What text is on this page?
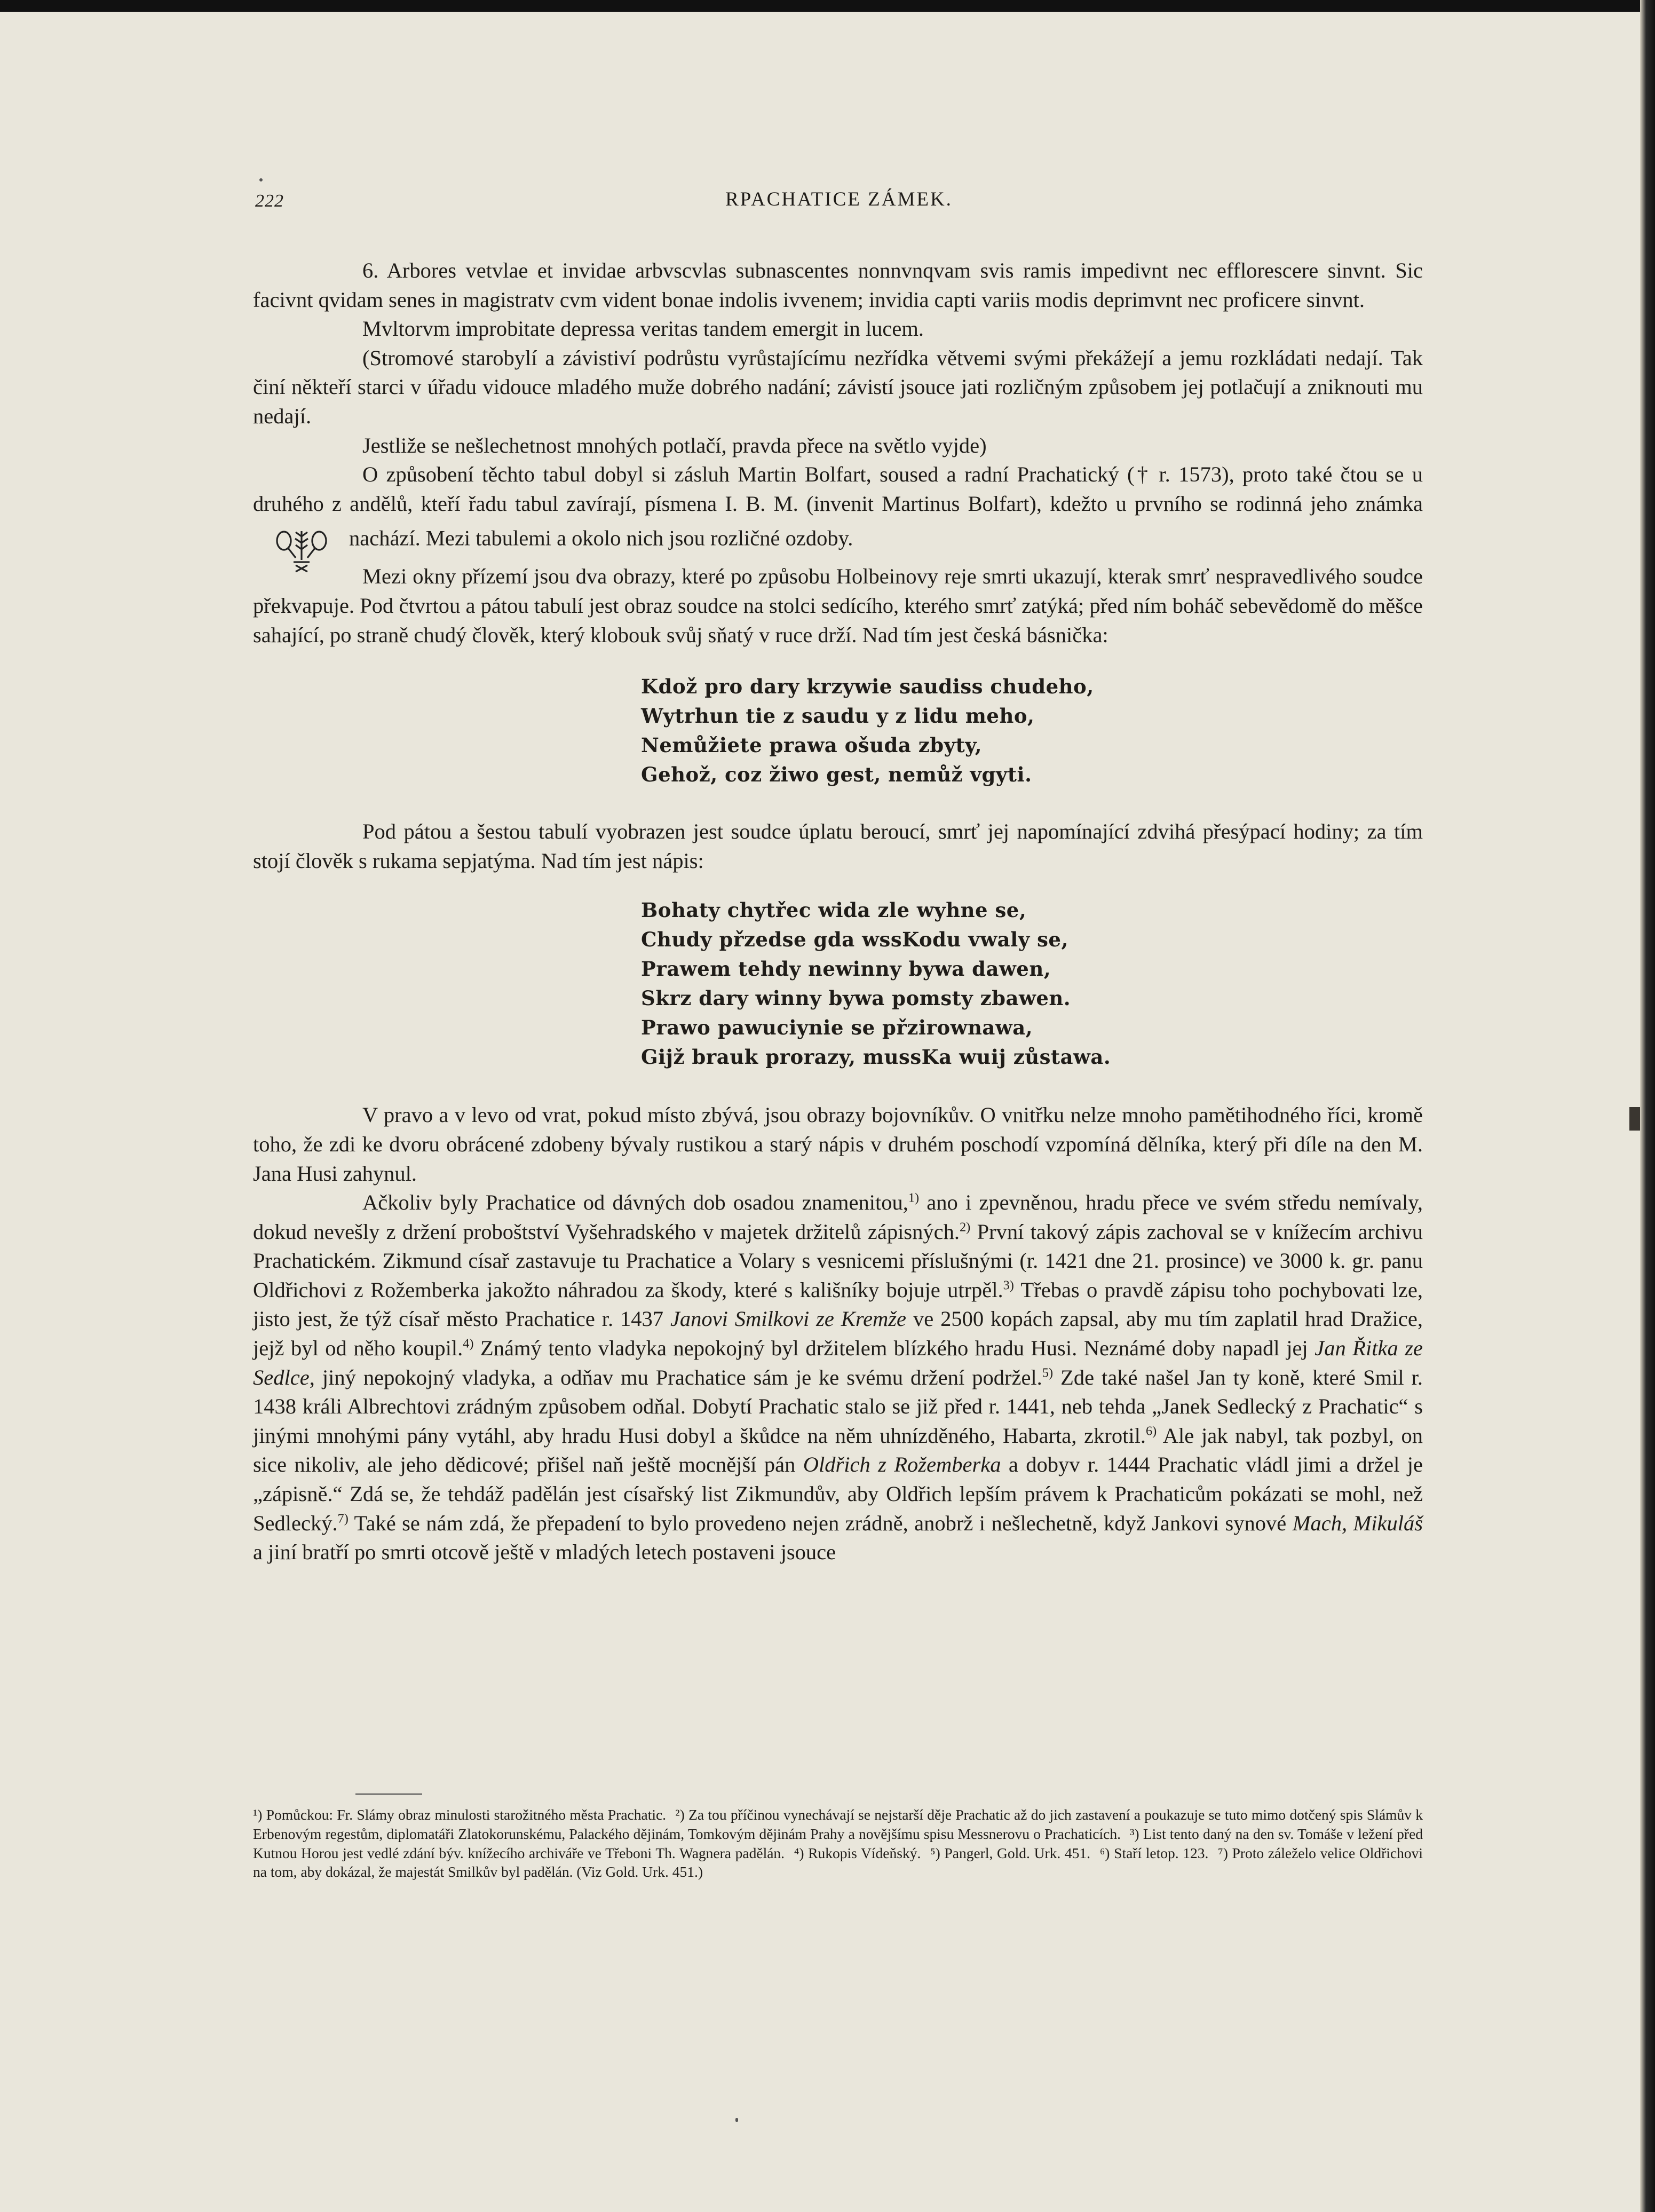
222	RPACHATICE ZÁMEK.

6. Arbores vetvlae et invidae arbvscvlas subnascentes nonnvnqvam svis ramis impedivnt nec efflorescere sinvnt. Sic facivnt qvidam senes in magistratv cvm vident bonae indolis ivvenem; invidia capti variis modis deprimvnt nec proficere sinvnt.

Mvltorvm improbitate depressa veritas tandem emergit in lucem.

(Stromové starobylí a závistiví podrůstu vyrůstajícímu nezřídka větvemi svými překážejí a jemu rozkládati nedají. Tak činí někteří starci v úřadu vidouce mladého muže dobrého nadání; závistí jsouce jati rozličným způsobem jej potlačují a zniknouti mu nedají.

Jestliže se nešlechetnost mnohých potlačí, pravda přece na světlo vyjde)

O způsobení těchto tabul dobyl si zásluh Martin Bolfart, soused a radní Prachatický († r. 1573), proto také čtou se u druhého z andělů, kteří řadu tabul zavírají, písmena I. B. M. (invenit Martinus Bolfart), kdežto u prvního se rodinná jeho známkanachází. Mezi tabulemi a okolo nich jsou rozličné ozdoby.

Mezi okny přízemí jsou dva obrazy, které po způsobu Holbeinovy reje smrti ukazují, kterak smrť nespravedlivého soudce překvapuje. Pod čtvrtou a pátou tabulí jest obraz soudce na stolci sedícího, kterého smrť zatýká; před ním boháč sebevědomě do měšce sahající, po straně chudý člověk, který klobouk svůj sňatý v ruce drží. Nad tím jest česká básnička:

Kdož pro dary krzywie saudiss chudeho,
Wytrhun tie z saudu y z lidu meho,
Nemůžiete prawa ošuda zbyty,
Gehož, coz žiwo gest, nemůž vgyti.

Pod pátou a šestou tabulí vyobrazen jest soudce úplatu beroucí, smrť jej napomínající zdvihá přesýpací hodiny; za tím stojí člověk s rukama sepjatýma. Nad tím jest nápis:

Bohaty chytřec wida zle wyhne se,
Chudy přzedse gda wssKodu vwaly se,
Prawem tehdy newinny bywa dawen,
Skrz dary winny bywa pomsty zbawen.
Prawo pawuciynie se přzirownawa,
Gijž brauk prorazy, mussKa wuij zůstawa.

V pravo a v levo od vrat, pokud místo zbývá, jsou obrazy bojovníkův. O vnitřku nelze mnoho pamětihodného říci, kromě toho, že zdi ke dvoru obrácené zdobeny bývaly rustikou a starý nápis v druhém poschodí vzpomíná dělníka, který při díle na den M. Jana Husi zahynul.

Ačkoliv byly Prachatice od dávných dob osadou znamenitou,$^{1)}$ ano i zpevněnou, hradu přece ve svém středu nemívaly, dokud nevešly z držení proboštství Vyšehradského v majetek držitelů zápisných.$^{2)}$ První takový zápis zachoval se v knížecím archivu Prachatickém. Zikmund císař zastavuje tu Prachatice a Volary s vesnicemi příslušnými (r. 1421 dne 21. prosince) ve 3000 k. gr. panu Oldřichovi z Rožemberka jakožto náhradou za škody, které s kališníky bojuje utrpěl.$^{3)}$ Třebas o pravdě zápisu toho pochybovati lze, jisto jest, že týž císař město Prachatice r. 1437 Janovi Smilkovi ze Kremže ve 2500 kopách zapsal, aby mu tím zaplatil hrad Dražice, jejž byl od něho koupil.$^{4)}$ Známý tento vladyka nepokojný byl držitelem blízkého hradu Husi. Neznámé doby napadl jej Jan Řitka ze Sedlce, jiný nepokojný vladyka, a odňav mu Prachatice sám je ke svému držení podržel.$^{5)}$ Zde také našel Jan ty koně, které Smil r. 1438 králi Albrechtovi zrádným způsobem odňal. Dobytí Prachatic stalo se již před r. 1441, neb tehda „Janek Sedlecký z Prachatic“ s jinými mnohými pány vytáhl, aby hradu Husi dobyl a škůdce na něm uhnízděného, Habarta, zkrotil.$^{6)}$ Ale jak nabyl, tak pozbyl, on sice nikoliv, ale jeho dědicové; přišel naň ještě mocnější pán Oldřich z Rožemberka a dobyv r. 1444 Prachatic vládl jimi a držel je „zápisně.“ Zdá se, že tehdáž padělán jest císařský list Zikmundův, aby Oldřich lepším právem k Prachaticům pokázati se mohl, než Sedlecký.$^{7)}$ Také se nám zdá, že přepadení to bylo provedeno nejen zrádně, anobrž i nešlechetně, když Jankovi synové Mach, Mikuláš a jiní bratří po smrti otcově ještě v mladých letech postaveni jsouce

¹) Pomůckou: Fr. Slámy obraz minulosti starožitného města Prachatic. ²) Za tou příčinou vynechávají se nejstarší děje Prachatic až do jich zastavení a poukazuje se tuto mimo dotčený spis Slámův k Erbenovým regestům, diplomatáři Zlatokorunskému, Palackého dějinám, Tomkovým dějinám Prahy a novějšímu spisu Messnerovu o Prachaticích. ³) List tento daný na den sv. Tomáše v ležení před Kutnou Horou jest vedlé zdání býv. knížecího archiváře ve Třeboni Th. Wagnera padělán. ⁴) Rukopis Vídeňský. ⁵) Pangerl, Gold. Urk. 451. ⁶) Staří letop. 123. ⁷) Proto záleželo velice Oldřichovi na tom, aby dokázal, že majestát Smilkův byl padělán. (Viz Gold. Urk. 451.)
